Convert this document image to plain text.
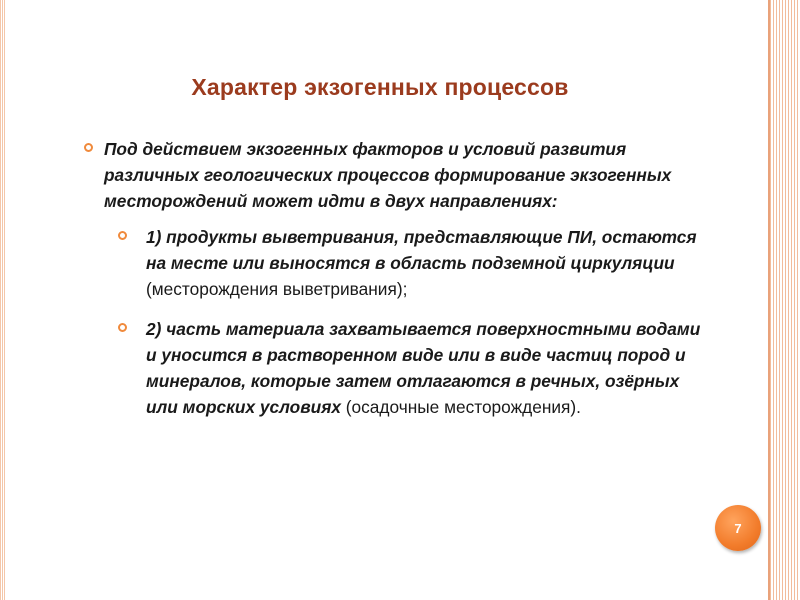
Характер экзогенных процессов
Под действием экзогенных факторов и условий развития различных геологических процессов формирование экзогенных месторождений может идти в двух направлениях:
1) продукты выветривания, представляющие ПИ, остаются на месте или выносятся в область подземной циркуляции (месторождения выветривания);
2) часть материала захватывается поверхностными водами и уносится в растворенном виде или в виде частиц пород и минералов, которые затем отлагаются в речных, озёрных или морских условиях (осадочные месторождения).
7
